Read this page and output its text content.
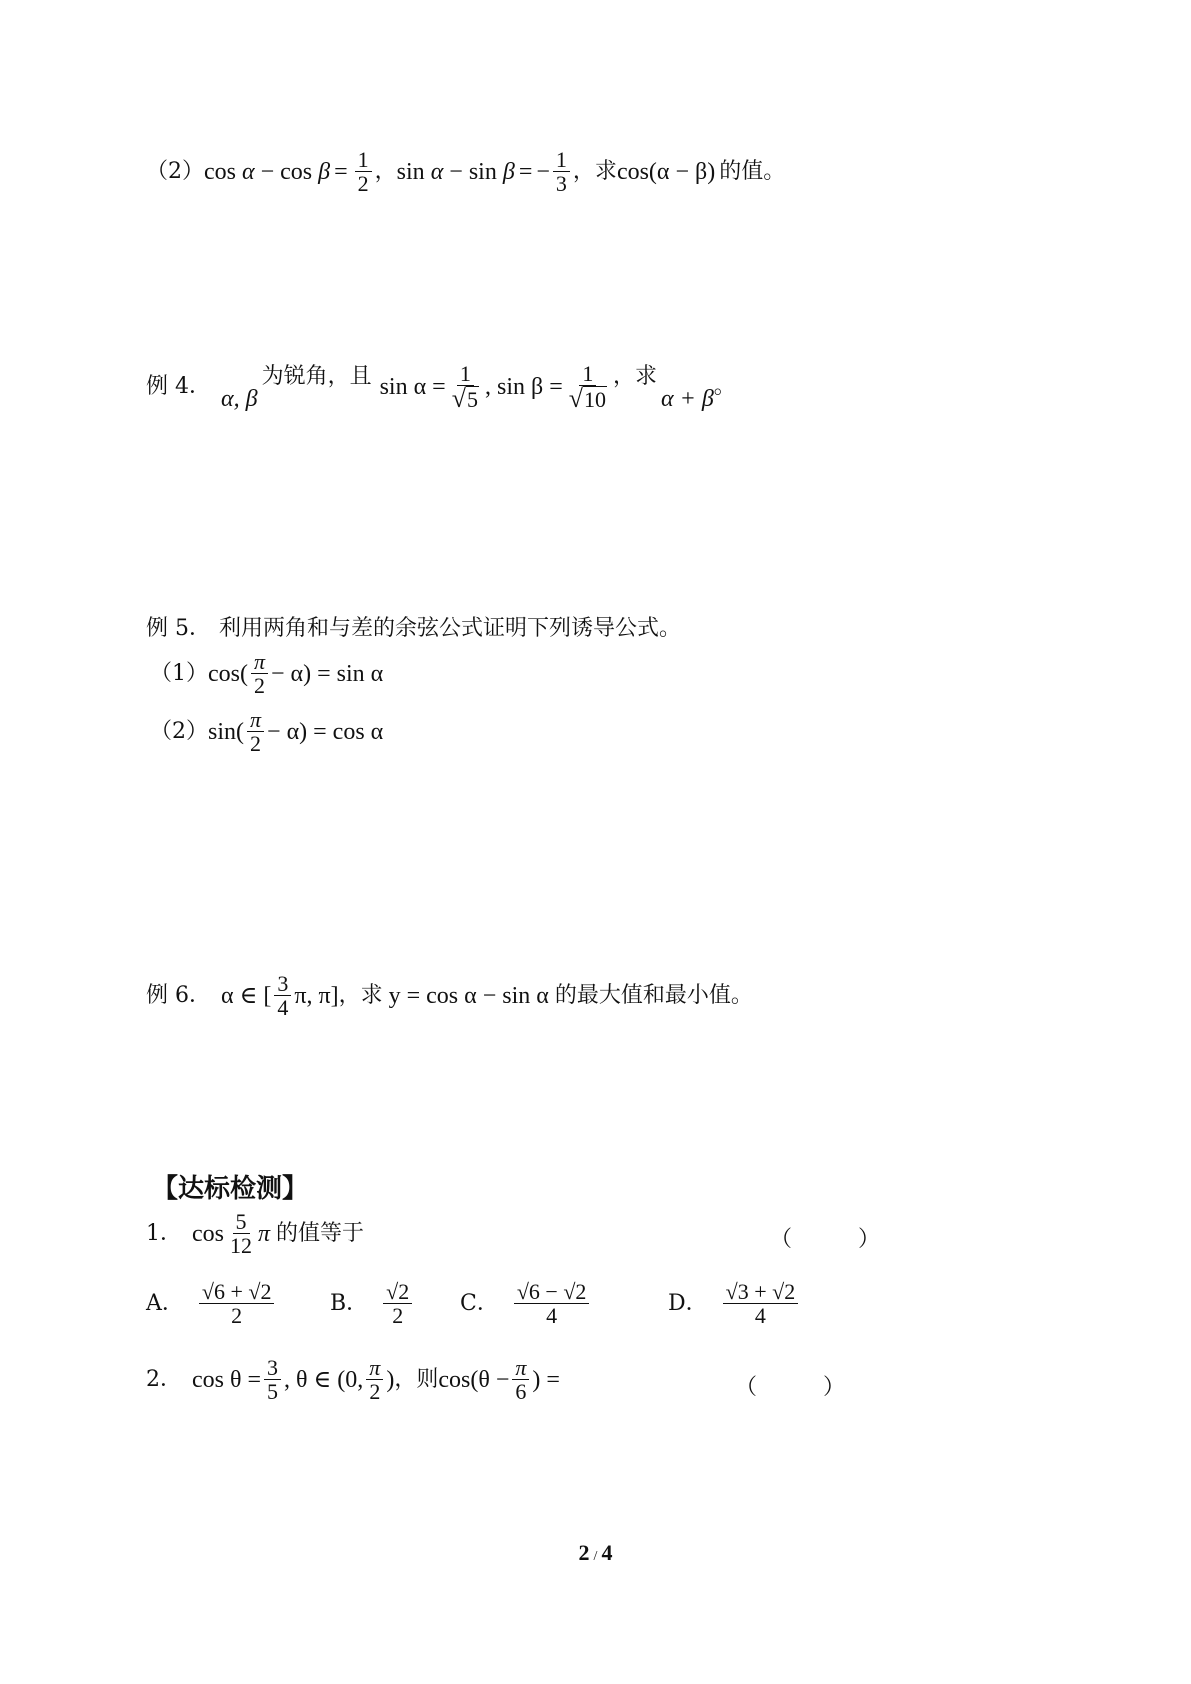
（2） $\cos \alpha - \cos \beta = \frac{1}{2}$ ， sin α − sin β = − $\frac{1}{3}$ ， 求 cos(α − β) 的值。
例 4． α, β
为锐角，且 $\sin \alpha = \frac{1}{√5}$ , $\sin \beta = \frac{1}{√10}$ ，求
α + β 。
例 5． 利用两角和与差的余弦公式证明下列诱导公式。
（1） $\cos( \frac{\pi}{2} - \alpha) = \sin \alpha$
（2） $\sin( \frac{\pi}{2} - \alpha) = \cos \alpha$
例 6． α ∈ [ $\frac{3}{4} \pi$, π] ，求 y = cos α − sin α 的最大值和最小值。
【达标检测】
1． $\cos \frac{5}{12}$ π 的值等于	（　　　）
A． $\frac{√6 + √2}{2}$	B． $\frac{√2}{2}$ C． $\frac{√6 - √2}{4}$	D． $\frac{√3 + √2}{4}$
2． $\cos \theta = \frac{3}{5}$ , θ ∈ (0, $\frac{\pi}{2}$ ) ，则 $\cos(\theta - \frac{\pi}{6}$ ) =	（　　　）
2 / 4
